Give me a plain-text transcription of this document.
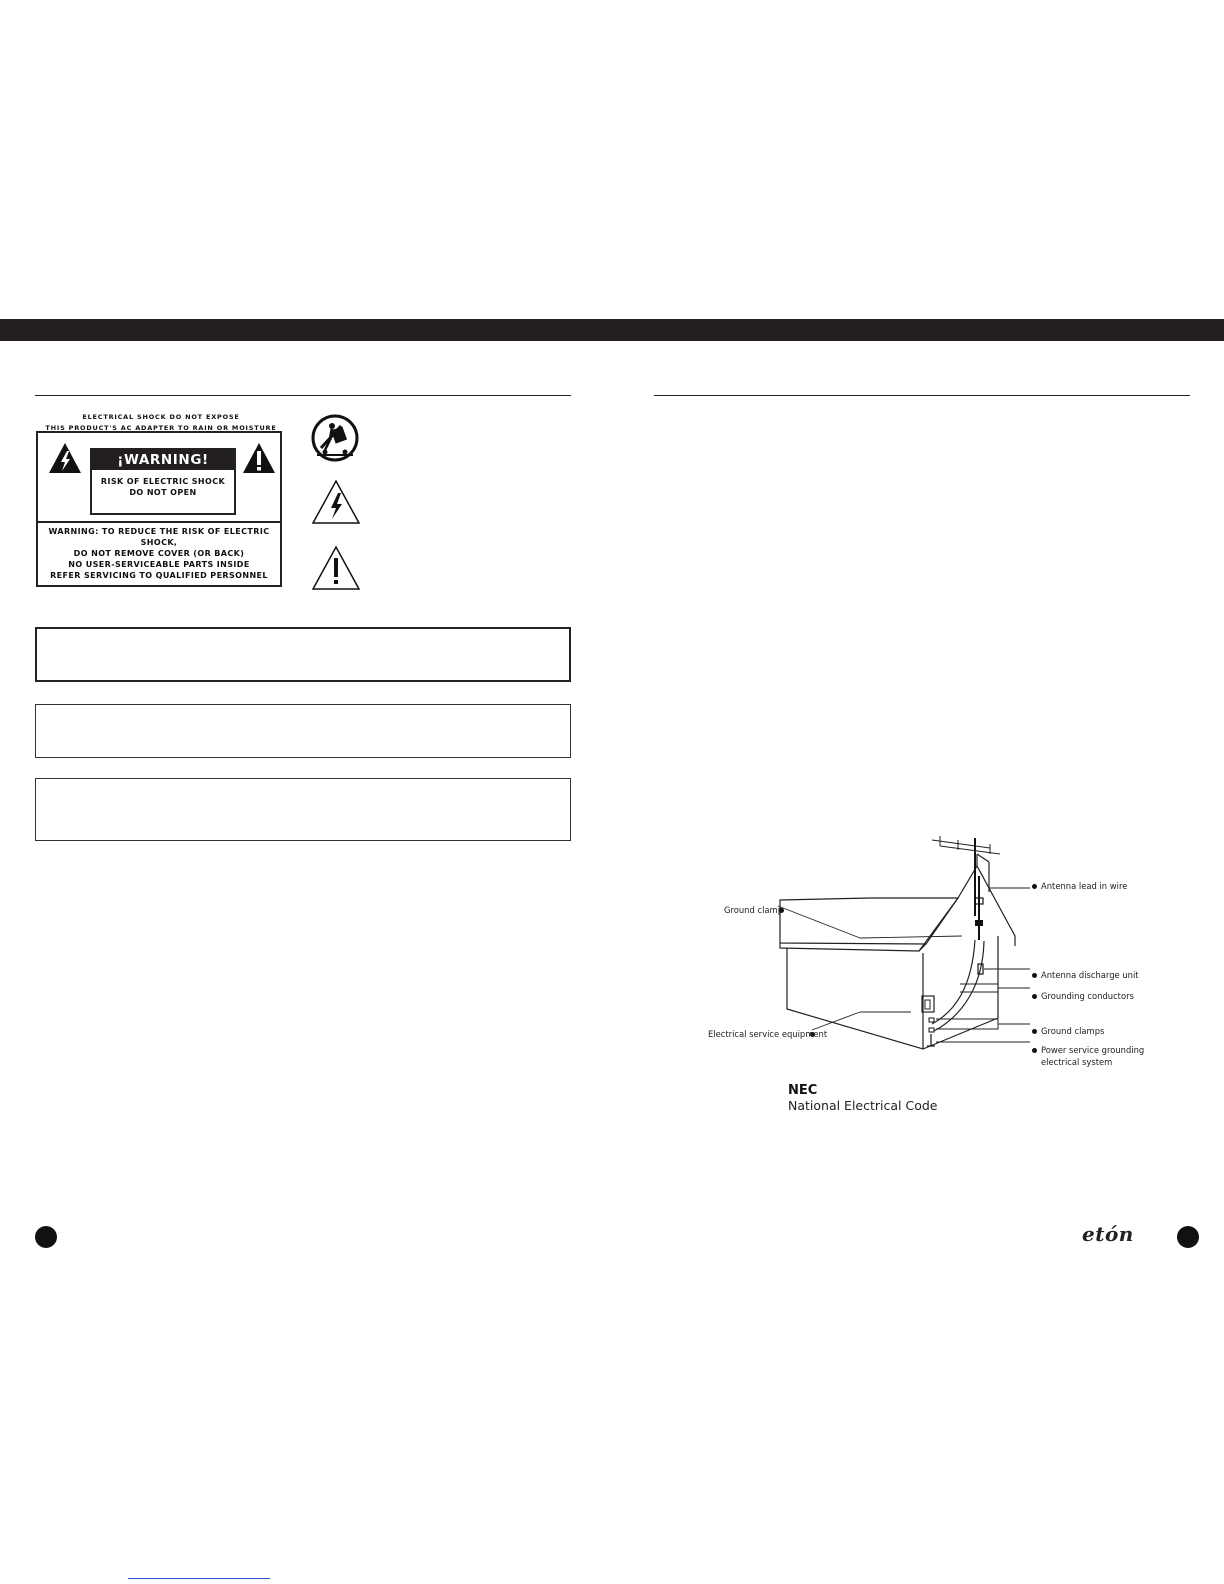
ELECTRICAL SHOCK DO NOT EXPOSE
THIS PRODUCT'S AC ADAPTER TO RAIN OR MOISTURE
¡WARNING!
RISK OF ELECTRIC SHOCK
DO NOT OPEN
WARNING: TO REDUCE THE RISK OF ELECTRIC
SHOCK,
DO NOT REMOVE COVER (OR BACK)
NO USER-SERVICEABLE PARTS INSIDE
REFER SERVICING TO QUALIFIED PERSONNEL
Ground clamp
Electrical service equipment
Antenna lead in wire
Antenna discharge unit
Grounding conductors
Ground clamps
Power service grounding
electrical system
NEC
National Electrical Code
etón
